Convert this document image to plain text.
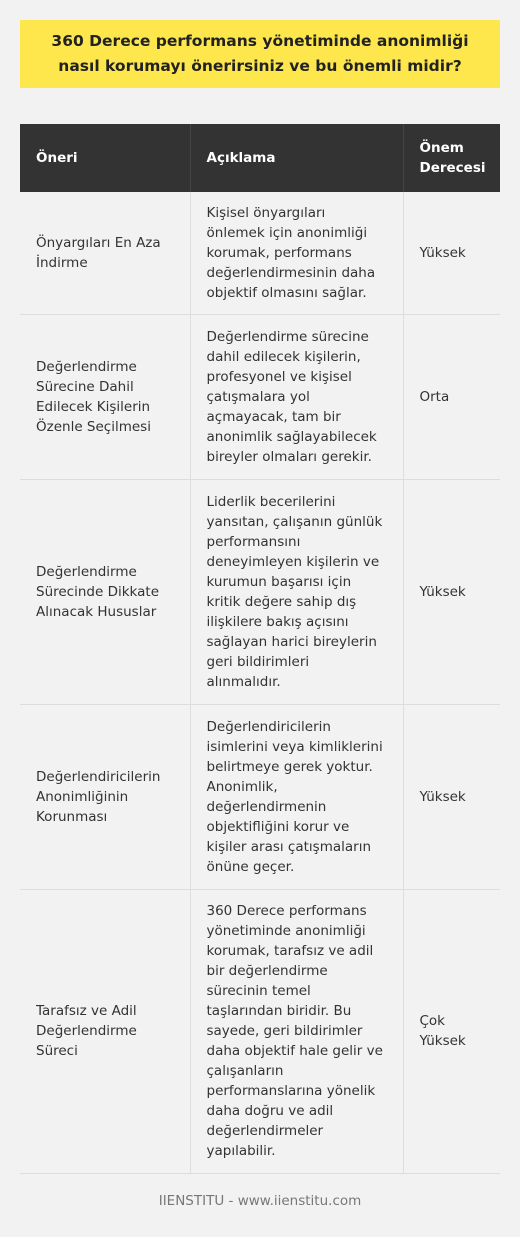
360 Derece performans yönetiminde anonimliği nasıl korumayı önerirsiniz ve bu önemli midir?
Öneri	Açıklama	Önem Derecesi
Önyargıları En Aza İndirme	Kişisel önyargıları önlemek için anonimliği korumak, performans değerlendirmesinin daha objektif olmasını sağlar.	Yüksek
Değerlendirme Sürecine Dahil Edilecek Kişilerin Özenle Seçilmesi	Değerlendirme sürecine dahil edilecek kişilerin, profesyonel ve kişisel çatışmalara yol açmayacak, tam bir anonimlik sağlayabilecek bireyler olmaları gerekir.	Orta
Değerlendirme Sürecinde Dikkate Alınacak Hususlar	Liderlik becerilerini yansıtan, çalışanın günlük performansını deneyimleyen kişilerin ve kurumun başarısı için kritik değere sahip dış ilişkilere bakış açısını sağlayan harici bireylerin geri bildirimleri alınmalıdır.	Yüksek
Değerlendiricilerin Anonimliğinin Korunması	Değerlendiricilerin isimlerini veya kimliklerini belirtmeye gerek yoktur. Anonimlik, değerlendirmenin objektifliğini korur ve kişiler arası çatışmaların önüne geçer.	Yüksek
Tarafsız ve Adil Değerlendirme Süreci	360 Derece performans yönetiminde anonimliği korumak, tarafsız ve adil bir değerlendirme sürecinin temel taşlarından biridir. Bu sayede, geri bildirimler daha objektif hale gelir ve çalışanların performanslarına yönelik daha doğru ve adil değerlendirmeler yapılabilir.	Çok Yüksek
IIENSTITU - www.iienstitu.com
